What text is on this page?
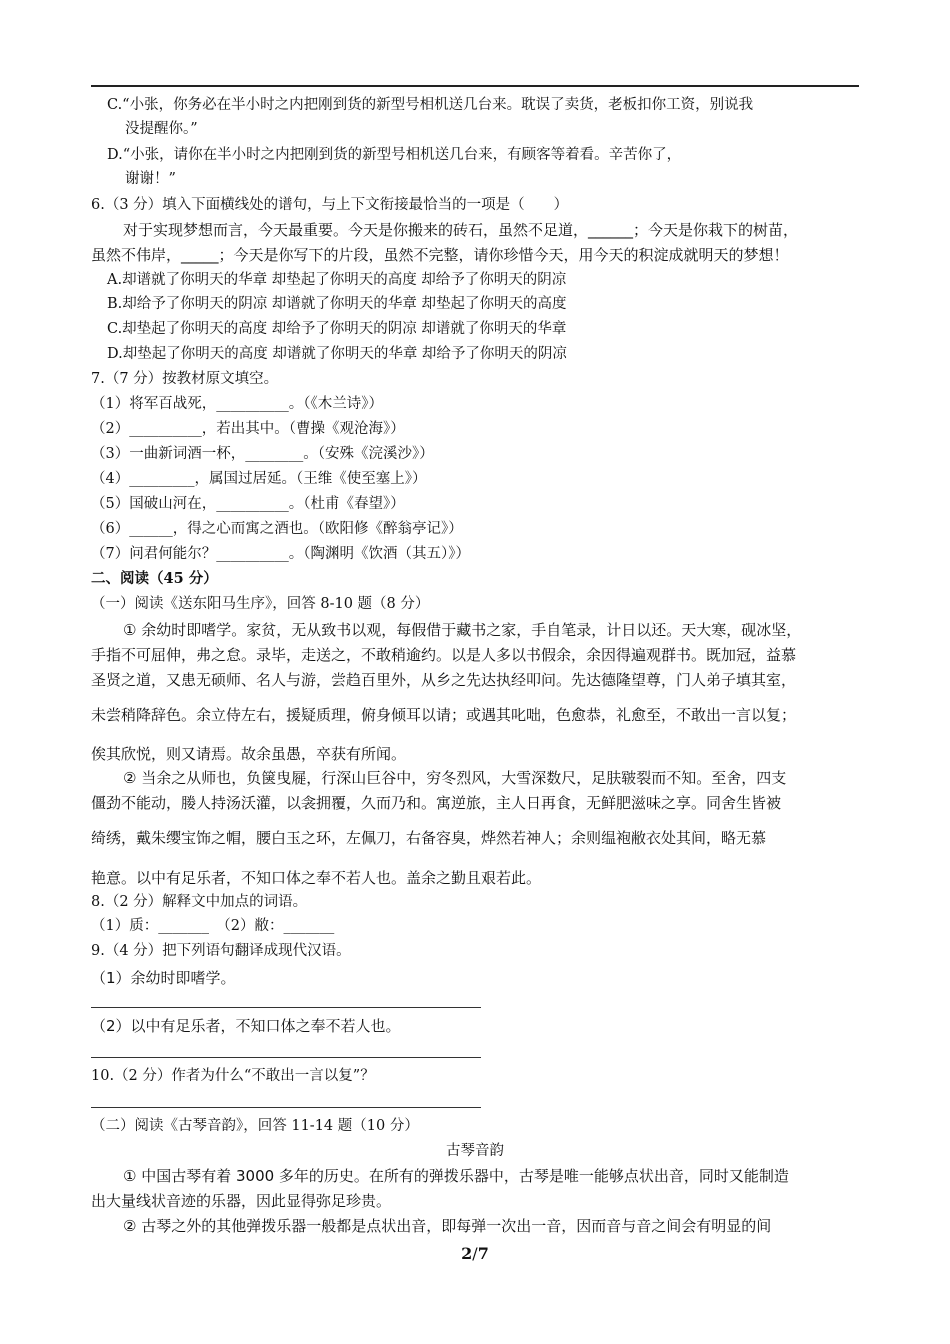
C.“小张，你务必在半小时之内把刚到货的新型号相机送几台来。耽误了卖货，老板扣你工资，别说我
没提醒你。”
D.“小张，请你在半小时之内把刚到货的新型号相机送几台来，有顾客等着看。辛苦你了，
谢谢！”
6.（3 分）填入下面横线处的谱句，与上下文衔接最恰当的一项是（　　）
对于实现梦想而言，今天最重要。今天是你搬来的砖石，虽然不足道，______；今天是你栽下的树苗，
虽然不伟岸，_____；今天是你写下的片段，虽然不完整，请你珍惜今天，用今天的积淀成就明天的梦想！
A.却谱就了你明天的华章 却垫起了你明天的高度 却给予了你明天的阴凉
B.却给予了你明天的阴凉 却谱就了你明天的华章 却垫起了你明天的高度
C.却垫起了你明天的高度 却给予了你明天的阴凉 却谱就了你明天的华章
D.却垫起了你明天的高度 却谱就了你明天的华章 却给予了你明天的阴凉
7.（7 分）按教材原文填空。
（1）将军百战死，__________。（《木兰诗》）
（2）__________，若出其中。（曹操《观沧海》）
（3）一曲新词酒一杯，________。（安殊《浣溪沙》）
（4）_________，属国过居延。（王维《使至塞上》）
（5）国破山河在，__________。（杜甫《春望》）
（6）______，得之心而寓之酒也。（欧阳修《醉翁亭记》）
（7）问君何能尔？__________。（陶渊明《饮酒（其五）》）
二、阅读（45 分）
（一）阅读《送东阳马生序》，回答 8-10 题（8 分）
① 余幼时即嗜学。家贫，无从致书以观，每假借于藏书之家，手自笔录，计日以还。天大寒，砚冰坚，
手指不可屈伸，弗之怠。录毕，走送之，不敢稍逾约。以是人多以书假余，余因得遍观群书。既加冠，益慕
圣贤之道，又患无硕师、名人与游，尝趋百里外，从乡之先达执经叩问。先达德隆望尊，门人弟子填其室，
未尝稍降辞色。余立侍左右，援疑质理，俯身倾耳以请；或遇其叱咄，色愈恭，礼愈至，不敢出一言以复；
俟其欣悦，则又请焉。故余虽愚，卒获有所闻。
② 当余之从师也，负箧曳屣，行深山巨谷中，穷冬烈风，大雪深数尺，足肤皲裂而不知。至舍，四支
僵劲不能动，媵人持汤沃灌，以衾拥覆，久而乃和。寓逆旅，主人日再食，无鲜肥滋味之享。同舍生皆被
绮绣，戴朱缨宝饰之帽，腰白玉之环，左佩刀，右备容臭，烨然若神人；余则缊袍敝衣处其间，略无慕
艳意。以中有足乐者，不知口体之奉不若人也。盖余之勤且艰若此。
8.（2 分）解释文中加点的词语。
（1）质：_______　（2）敝：_______
9.（4 分）把下列语句翻译成现代汉语。
（1）余幼时即嗜学。
（2）以中有足乐者，不知口体之奉不若人也。
10.（2 分）作者为什么“不敢出一言以复”？
（二）阅读《古琴音韵》，回答 11-14 题（10 分）
古琴音韵
① 中国古琴有着 3000 多年的历史。在所有的弹拨乐器中，古琴是唯一能够点状出音，同时又能制造
出大量线状音迹的乐器，因此显得弥足珍贵。
② 古琴之外的其他弹拨乐器一般都是点状出音，即每弹一次出一音，因而音与音之间会有明显的间
2/7
